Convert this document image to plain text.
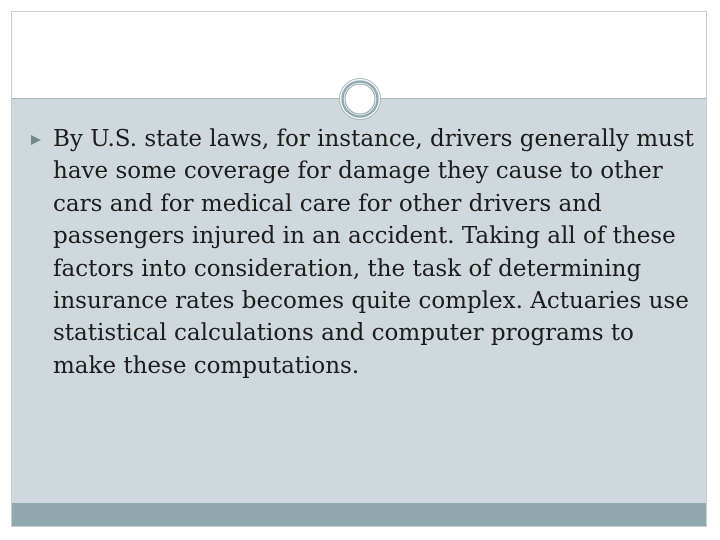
By U.S. state laws, for instance, drivers generally must have some coverage for damage they cause to other cars and for medical care for other drivers and passengers injured in an accident. Taking all of these factors into consideration, the task of determining insurance rates becomes quite complex. Actuaries use statistical calculations and computer programs to make these computations.
